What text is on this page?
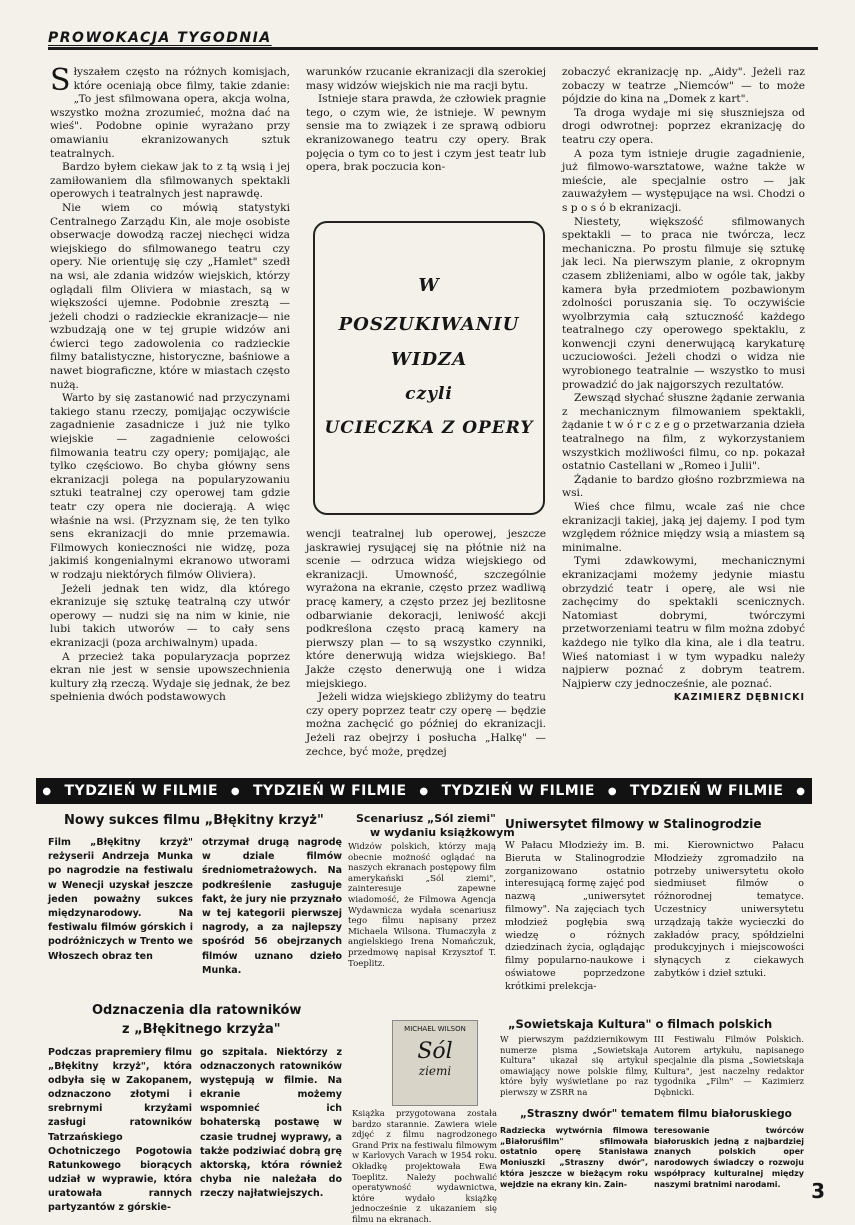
PROWOKACJA TYGODNIA

Słyszałem często na różnych komisjach, które oceniają obce filmy, takie zdanie: „To jest sfilmowana opera, akcja wolna, wszystko można zrozumieć, można dać na wieś". Podobne opinie wyrażano przy omawianiu ekranizowanych sztuk teatralnych.

Bardzo byłem ciekaw jak to z tą wsią i jej zamiłowaniem dla sfilmowanych spektakli operowych i teatralnych jest naprawdę.

Nie wiem co mówią statystyki Centralnego Zarządu Kin, ale moje osobiste obserwacje dowodzą raczej niechęci widza wiejskiego do sfilmowanego teatru czy opery. Nie orientuję się czy „Hamlet" szedł na wsi, ale zdania widzów wiejskich, którzy oglądali film Oliviera w miastach, są w większości ujemne. Podobnie zresztą — jeżeli chodzi o radzieckie ekranizacje— nie wzbudzają one w tej grupie widzów ani ćwierci tego zadowolenia co radzieckie filmy batalistyczne, historyczne, baśniowe a nawet biograficzne, które w miastach często nużą.

Warto by się zastanowić nad przyczynami takiego stanu rzeczy, pomijając oczywiście zagadnienie zasadnicze i już nie tylko wiejskie — zagadnienie celowości filmowania teatru czy opery; pomijając, ale tylko częściowo. Bo chyba główny sens ekranizacji polega na popularyzowaniu sztuki teatralnej czy operowej tam gdzie teatr czy opera nie docierają. A więc właśnie na wsi. (Przyznam się, że ten tylko sens ekranizacji do mnie przemawia. Filmowych konieczności nie widzę, poza jakimiś kongenialnymi ekranowo utworami w rodzaju niektórych filmów Oliviera).

Jeżeli jednak ten widz, dla którego ekranizuje się sztukę teatralną czy utwór operowy — nudzi się na nim w kinie, nie lubi takich utworów — to cały sens ekranizacji (poza archiwalnym) upada.

A przecież taka popularyzacja poprzez ekran nie jest w sensie upowszechnienia kultury złą rzeczą. Wydaje się jednak, że bez spełnienia dwóch podstawowych

warunków rzucanie ekranizacji dla szerokiej masy widzów wiejskich nie ma racji bytu.

Istnieje stara prawda, że człowiek pragnie tego, o czym wie, że istnieje. W pewnym sensie ma to związek i ze sprawą odbioru ekranizowanego teatru czy opery. Brak pojęcia o tym co to jest i czym jest teatr lub opera, brak poczucia kon-

W
POSZUKIWANIU
WIDZA
czyli
UCIECZKA Z OPERY

wencji teatralnej lub operowej, jeszcze jaskrawiej rysującej się na płótnie niż na scenie — odrzuca widza wiejskiego od ekranizacji. Umowność, szczególnie wyrażona na ekranie, często przez wadliwą pracę kamery, a często przez jej bezlitosne odbarwianie dekoracji, leniwość akcji podkreślona często pracą kamery na pierwszy plan — to są wszystko czynniki, które denerwują widza wiejskiego. Ba! Jakże często denerwują one i widza miejskiego.

Jeżeli widza wiejskiego zbliżymy do teatru czy opery poprzez teatr czy operę — będzie można zachęcić go później do ekranizacji. Jeżeli raz obejrzy i posłucha „Halkę" — zechce, być może, prędzej

zobaczyć ekranizację np. „Aidy". Jeżeli raz zobaczy w teatrze „Niemców" — to może pójdzie do kina na „Domek z kart".

Ta droga wydaje mi się słuszniejsza od drogi odwrotnej: poprzez ekranizację do teatru czy opera.

A poza tym istnieje drugie zagadnienie, już filmowo-warsztatowe, ważne także w mieście, ale specjalnie ostro — jak zauważyłem — występujące na wsi. Chodzi o s p o s ó b ekranizacji.

Niestety, większość sfilmowanych spektakli — to praca nie twórcza, lecz mechaniczna. Po prostu filmuje się sztukę jak leci. Na pierwszym planie, z okropnym czasem zbliżeniami, albo w ogóle tak, jakby kamera była przedmiotem pozbawionym zdolności poruszania się. To oczywiście wyolbrzymia całą sztuczność każdego teatralnego czy operowego spektaklu, z konwencji czyni denerwującą karykaturę uczuciowości. Jeżeli chodzi o widza nie wyrobionego teatralnie — wszystko to musi prowadzić do jak najgorszych rezultatów.

Zewsząd słychać słuszne żądanie zerwania z mechanicznym filmowaniem spektakli, żądanie t w ó r c z e g o przetwarzania dzieła teatralnego na film, z wykorzystaniem wszystkich możliwości filmu, co np. pokazał ostatnio Castellani w „Romeo i Julii".

Żądanie to bardzo głośno rozbrzmiewa na wsi.

Wieś chce filmu, wcale zaś nie chce ekranizacji takiej, jaką jej dajemy. I pod tym względem różnice między wsią a miastem są minimalne.

Tymi zdawkowymi, mechanicznymi ekranizacjami możemy jedynie miastu obrzydzić teatr i operę, ale wsi nie zachęcimy do spektakli scenicznych. Natomiast dobrymi, twórczymi przetworzeniami teatru w film można zdobyć każdego nie tylko dla kina, ale i dla teatru. Wieś natomiast i w tym wypadku należy najpierw poznać z dobrym teatrem. Najpierw czy jednocześnie, ale poznać.

KAZIMIERZ DĘBNICKI
● TYDZIEŃ W FILMIE ● TYDZIEŃ W FILMIE ● TYDZIEŃ W FILMIE ● TYDZIEŃ W FILMIE ●
Nowy sukces filmu „Błękitny krzyż"
Film „Błękitny krzyż" reżyserii Andrzeja Munka po nagrodzie na festiwalu w Wenecji uzyskał jeszcze jeden poważny sukces międzynarodowy. Na festiwalu filmów górskich i podróżniczych w Trento we Włoszech obraz ten
otrzymał drugą nagrodę w dziale filmów średniometrażowych. Na podkreślenie zasługuje fakt, że jury nie przyznało w tej kategorii pierwszej nagrody, a za najlepszy spośród 56 obejrzanych filmów uznano dzieło Munka.
Scenariusz „Sól ziemi"
w wydaniu książkowym
Widzów polskich, którzy mają obecnie możność oglądać na naszych ekranach postępowy film amerykański „Sól ziemi", zainteresuje zapewne wiadomość, że Filmowa Agencja Wydawnicza wydała scenariusz tego filmu napisany przez Michaela Wilsona. Tłumaczyła z angielskiego Irena Nomańczuk, przedmowę napisał Krzysztof T. Toeplitz.
Uniwersytet filmowy w Stalinogrodzie
W Pałacu Młodzieży im. B. Bieruta w Stalinogrodzie zorganizowano ostatnio interesującą formę zajęć pod nazwą „uniwersytet filmowy". Na zajęciach tych młodzież pogłębia swą wiedzę o różnych dziedzinach życia, oglądając filmy popularno-naukowe i oświatowe poprzedzone krótkimi prelekcja-
mi. Kierownictwo Pałacu Młodzieży zgromadziło na potrzeby uniwersytetu około siedmiuset filmów o różnorodnej tematyce. Uczestnicy uniwersytetu urządzają także wycieczki do zakładów pracy, spółdzielni produkcyjnych i miejscowości słynących z ciekawych zabytków i dzieł sztuki.
Odznaczenia dla ratowników
z „Błękitnego krzyża"
Podczas prapremiery filmu „Błękitny krzyż", którа odbyła się w Zakopanem, odznaczono złotymi i srebrnymi krzyżami zasługi ratowników Tatrzańskiego Ochotniczego Pogotowia Ratunkowego biorących udział w wyprawie, która uratowała rannych partyzantów z górskie-
go szpitala. Niektórzy z odznaczonych ratowników występują w filmie. Na ekranie możemy wspomnieć ich bohaterską postawę w czasie trudnej wyprawy, a także podziwiać dobrą grę aktorską, która również chyba nie należała do rzeczy najłatwiejszych.
MICHAEL WILSON
Sól
ziemi
Książka przygotowana została bardzo starannie. Zawiera wiele zdjęć z filmu nagrodzonego Grand Prix na festiwalu filmowym w Karlovych Varach w 1954 roku. Okładkę projektowała Ewa Toeplitz. Należy pochwalić operatywność wydawnictwa, które wydało książkę jednocześnie z ukazaniem się filmu na ekranach.
„Sowietskaja Kultura" o filmach polskich
W pierwszym październikowym numerze pisma „Sowietskaja Kultura" ukazał się artykuł omawiający nowe polskie filmy, które były wyświetlane po raz pierwszy w ZSRR na
III Festiwalu Filmów Polskich. Autorem artykułu, napisanego specjalnie dla pisma „Sowietskaja Kultura", jest naczelny redaktor tygodnika „Film" — Kazimierz Dębnicki.
„Straszny dwór" tematem filmu białoruskiego
Radziecka wytwórnia filmowa „Białoruśfilm" sfilmowała ostatnio operę Stanisława Moniuszki „Straszny dwór", która jeszcze w bieżącym roku wejdzie na ekrany kin. Zain-
teresowanie twórców białoruskich jedną z najbardziej znanych polskich oper narodowych świadczy o rozwoju współpracy kulturalnej między naszymi bratnimi narodami.	3
